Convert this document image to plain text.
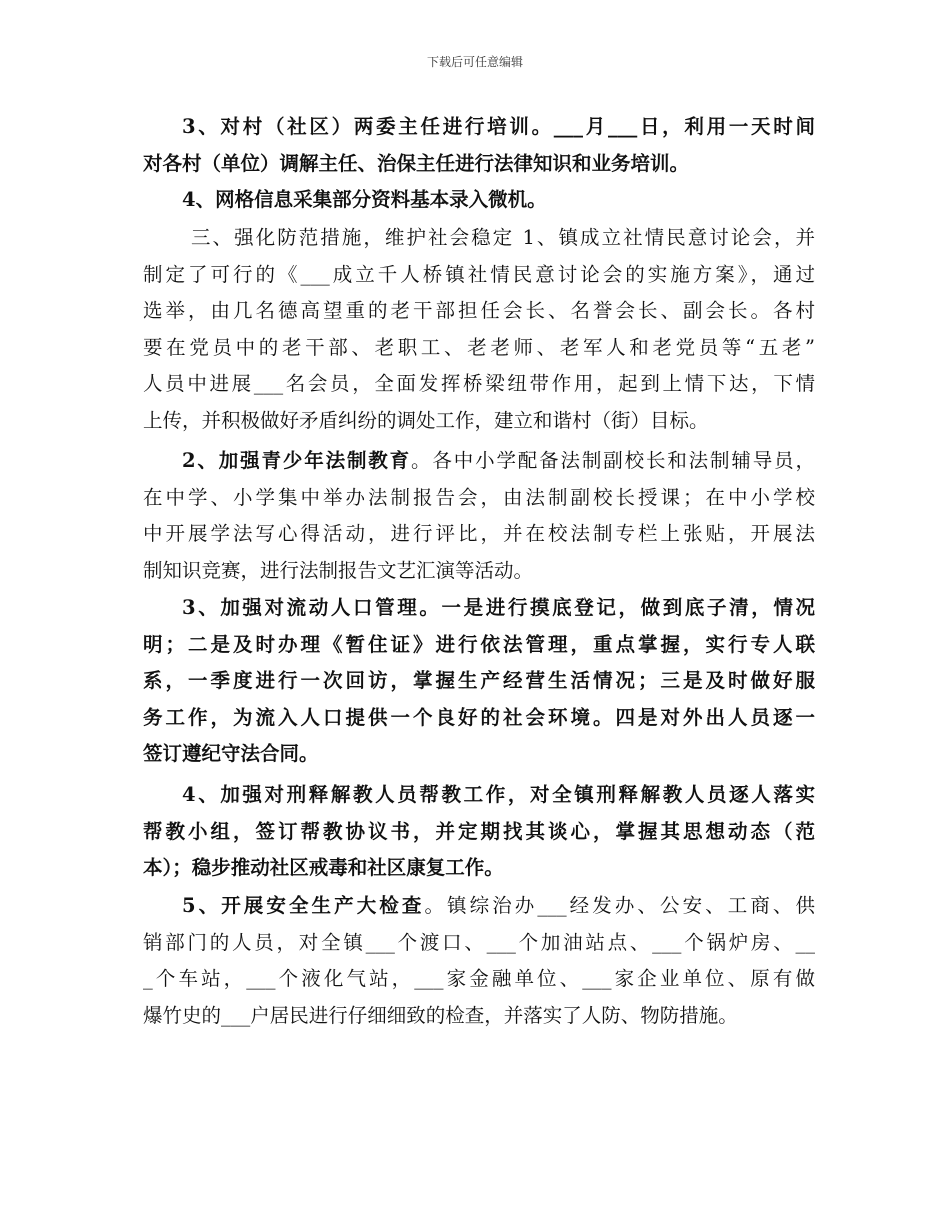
下载后可任意编辑
3、对村（社区）两委主任进行培训。___月___日，利用一天时间
对各村（单位）调解主任、治保主任进行法律知识和业务培训。
4、网格信息采集部分资料基本录入微机。
三、强化防范措施，维护社会稳定 1、镇成立社情民意讨论会，并
制定了可行的《___成立千人桥镇社情民意讨论会的实施方案》，通过
选举，由几名德高望重的老干部担任会长、名誉会长、副会长。各村
要在党员中的老干部、老职工、老老师、老军人和老党员等“五老”
人员中进展___名会员，全面发挥桥梁纽带作用，起到上情下达，下情
上传，并积极做好矛盾纠纷的调处工作，建立和谐村（街）目标。
2、加强青少年法制教育。各中小学配备法制副校长和法制辅导员，
在中学、小学集中举办法制报告会，由法制副校长授课；在中小学校
中开展学法写心得活动，进行评比，并在校法制专栏上张贴，开展法
制知识竞赛，进行法制报告文艺汇演等活动。
3、加强对流动人口管理。一是进行摸底登记，做到底子清，情况
明；二是及时办理《暂住证》进行依法管理，重点掌握，实行专人联
系，一季度进行一次回访，掌握生产经营生活情况；三是及时做好服
务工作，为流入人口提供一个良好的社会环境。四是对外出人员逐一
签订遵纪守法合同。
4、加强对刑释解教人员帮教工作，对全镇刑释解教人员逐人落实
帮教小组，签订帮教协议书，并定期找其谈心，掌握其思想动态（范
本）；稳步推动社区戒毒和社区康复工作。
5、开展安全生产大检查。镇综治办___经发办、公安、工商、供
销部门的人员，对全镇___个渡口、___个加油站点、___个锅炉房、__
_个车站，___个液化气站，___家金融单位、___家企业单位、原有做
爆竹史的___户居民进行仔细细致的检查，并落实了人防、物防措施。
